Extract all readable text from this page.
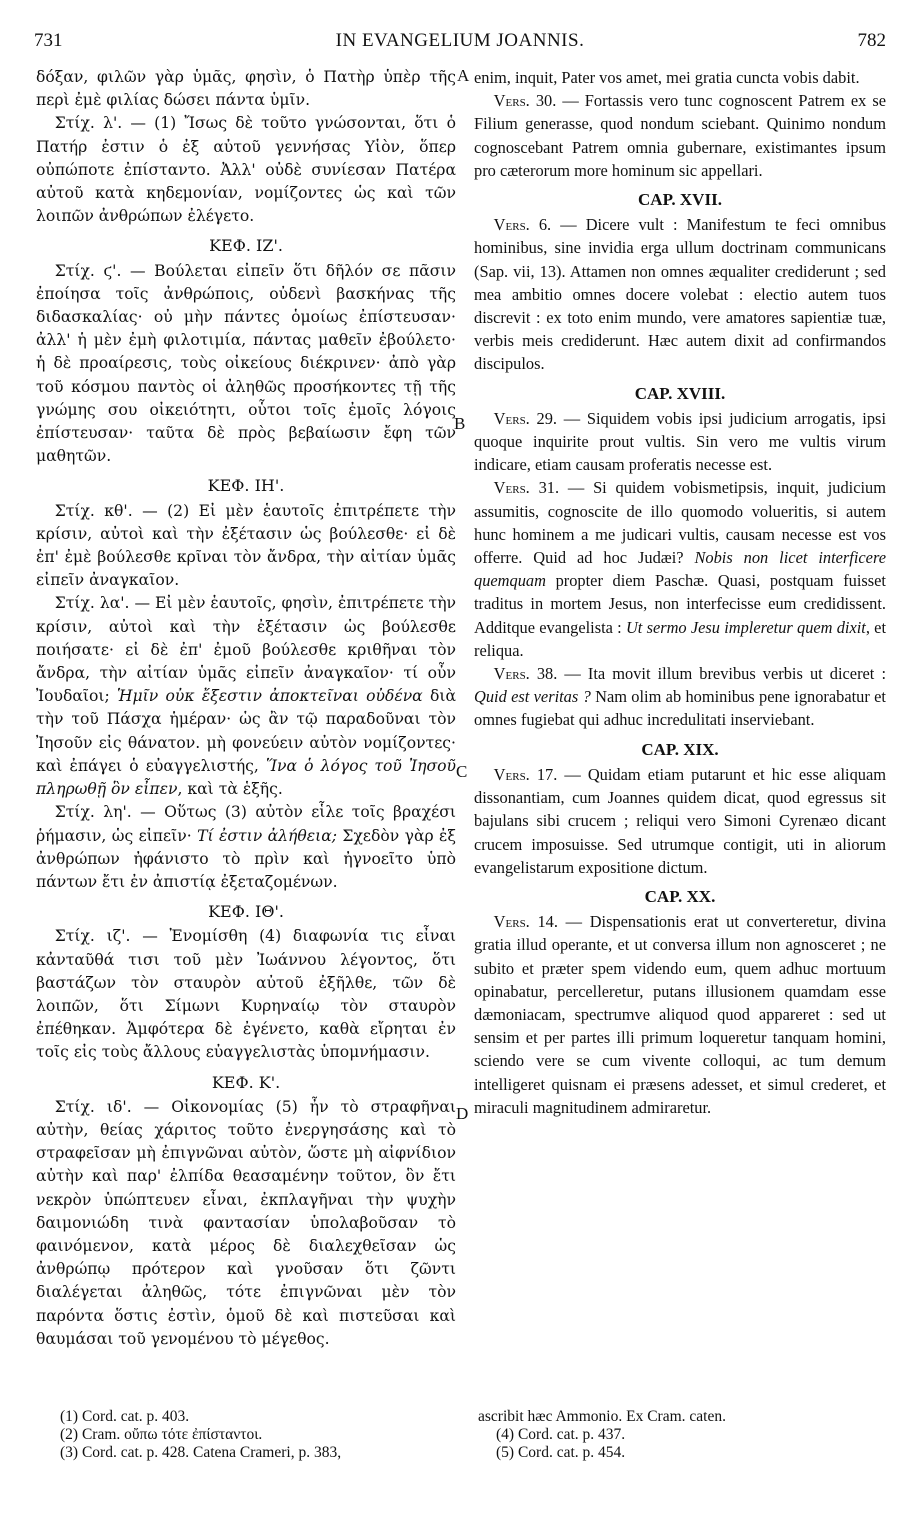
731	IN EVANGELIUM JOANNIS.	782

δόξαν, φιλῶν γὰρ ὑμᾶς, φησὶν, ὁ Πατὴρ ὑπὲρ τῆς περὶ ἐμὲ φιλίας δώσει πάντα ὑμῖν.

Στίχ. λ'. — (1) Ἴσως δὲ τοῦτο γνώσονται, ὅτι ὁ Πατήρ ἐστιν ὁ ἐξ αὐτοῦ γεννήσας Υἱὸν, ὅπερ οὐπώποτε ἐπίσταντο. Ἀλλ' οὐδὲ συνίεσαν Πατέρα αὐτοῦ κατὰ κηδεμονίαν, νομίζοντες ὡς καὶ τῶν λοιπῶν ἀνθρώπων ἐλέγετο.

ΚΕΦ. ΙΖ'.

Στίχ. ϛ'. — Βούλεται εἰπεῖν ὅτι δῆλόν σε πᾶσιν ἐποίησα τοῖς ἀνθρώποις, οὐδενὶ βασκήνας τῆς διδασκαλίας· οὐ μὴν πάντες ὁμοίως ἐπίστευσαν· ἀλλ' ἡ μὲν ἐμὴ φιλοτιμία, πάντας μαθεῖν ἐβούλετο· ἡ δὲ προαίρεσις, τοὺς οἰκείους διέκρινεν· ἀπὸ γὰρ τοῦ κόσμου παντὸς οἱ ἀληθῶς προσήκοντες τῇ τῆς γνώμης σου οἰκειότητι, οὗτοι τοῖς ἐμοῖς λόγοις ἐπίστευσαν· ταῦτα δὲ πρὸς βεβαίωσιν ἔφη τῶν μαθητῶν.

ΚΕΦ. ΙΗ'.

Στίχ. κθ'. — (2) Εἰ μὲν ἑαυτοῖς ἐπιτρέπετε τὴν κρίσιν, αὐτοὶ καὶ τὴν ἐξέτασιν ὡς βούλεσθε· εἰ δὲ ἐπ' ἐμὲ βούλεσθε κρῖναι τὸν ἄνδρα, τὴν αἰτίαν ὑμᾶς εἰπεῖν ἀναγκαῖον.

Στίχ. λα'. — Εἰ μὲν ἑαυτοῖς, φησὶν, ἐπιτρέπετε τὴν κρίσιν, αὐτοὶ καὶ τὴν ἐξέτασιν ὡς βούλεσθε ποιήσατε· εἰ δὲ ἐπ' ἐμοῦ βούλεσθε κριθῆναι τὸν ἄνδρα, τὴν αἰτίαν ὑμᾶς εἰπεῖν ἀναγκαῖον· τί οὖν Ἰουδαῖοι; Ἡμῖν οὐκ ἔξεστιν ἀποκτεῖναι οὐδένα διὰ τὴν τοῦ Πάσχα ἡμέραν· ὡς ἂν τῷ παραδοῦναι τὸν Ἰησοῦν εἰς θάνατον. μὴ φονεύειν αὐτὸν νομίζοντες· καὶ ἐπάγει ὁ εὐαγγελιστής, Ἵνα ὁ λόγος τοῦ Ἰησοῦ πληρωθῇ ὃν εἶπεν, καὶ τὰ ἑξῆς.

Στίχ. λη'. — Οὕτως (3) αὐτὸν εἷλε τοῖς βραχέσι ῥήμασιν, ὡς εἰπεῖν· Τί ἐστιν ἀλήθεια; Σχεδὸν γὰρ ἐξ ἀνθρώπων ἠφάνιστο τὸ πρὶν καὶ ἠγνοεῖτο ὑπὸ πάντων ἔτι ἐν ἀπιστίᾳ ἐξεταζομένων.

ΚΕΦ. ΙΘ'.

Στίχ. ιζ'. — Ἐνομίσθη (4) διαφωνία τις εἶναι κἀνταῦθά τισι τοῦ μὲν Ἰωάννου λέγοντος, ὅτι βαστάζων τὸν σταυρὸν αὐτοῦ ἐξῆλθε, τῶν δὲ λοιπῶν, ὅτι Σίμωνι Κυρηναίῳ τὸν σταυρὸν ἐπέθηκαν. Ἀμφότερα δὲ ἐγένετο, καθὰ εἴρηται ἐν τοῖς εἰς τοὺς ἄλλους εὐαγγελιστὰς ὑπομνήμασιν.

ΚΕΦ. Κ'.

Στίχ. ιδ'. — Οἰκονομίας (5) ἦν τὸ στραφῆναι αὐτὴν, θείας χάριτος τοῦτο ἐνεργησάσης καὶ τὸ στραφεῖσαν μὴ ἐπιγνῶναι αὐτὸν, ὥστε μὴ αἰφνίδιον αὐτὴν καὶ παρ' ἐλπίδα θεασαμένην τοῦτον, ὃν ἔτι νεκρὸν ὑπώπτευεν εἶναι, ἐκπλαγῆναι τὴν ψυχὴν δαιμονιώδη τινὰ φαντασίαν ὑπολαβοῦσαν τὸ φαινόμενον, κατὰ μέρος δὲ διαλεχθεῖσαν ὡς ἀνθρώπῳ πρότερον καὶ γνοῦσαν ὅτι ζῶντι διαλέγεται ἀληθῶς, τότε ἐπιγνῶναι μὲν τὸν παρόντα ὅστις ἐστὶν, ὁμοῦ δὲ καὶ πιστεῦσαι καὶ θαυμάσαι τοῦ γενομένου τὸ μέγεθος.

enim, inquit, Pater vos amet, mei gratia cuncta vobis dabit.

Vers. 30. — Fortassis vero tunc cognoscent Patrem ex se Filium generasse, quod nondum sciebant. Quinimo nondum cognoscebant Patrem omnia gubernare, existimantes ipsum pro cæterorum more hominum sic appellari.

CAP. XVII.

Vers. 6. — Dicere vult : Manifestum te feci omnibus hominibus, sine invidia erga ullum doctrinam communicans (Sap. vii, 13). Attamen non omnes æqualiter crediderunt ; sed mea ambitio omnes docere volebat : electio autem tuos discrevit : ex toto enim mundo, vere amatores sapientiæ tuæ, verbis meis crediderunt. Hæc autem dixit ad confirmandos discipulos.

CAP. XVIII.

Vers. 29. — Siquidem vobis ipsi judicium arrogatis, ipsi quoque inquirite prout vultis. Sin vero me vultis virum indicare, etiam causam proferatis necesse est.

Vers. 31. — Si quidem vobismetipsis, inquit, judicium assumitis, cognoscite de illo quomodo volueritis, si autem hunc hominem a me judicari vultis, causam necesse est vos offerre. Quid ad hoc Judæi? Nobis non licet interficere quemquam propter diem Paschæ. Quasi, postquam fuisset traditus in mortem Jesus, non interfecisse eum credidissent. Additque evangelista : Ut sermo Jesu impleretur quem dixit, et reliqua.

Vers. 38. — Ita movit illum brevibus verbis ut diceret : Quid est veritas ? Nam olim ab hominibus pene ignorabatur et omnes fugiebat qui adhuc incredulitati inserviebant.

CAP. XIX.

Vers. 17. — Quidam etiam putarunt et hic esse aliquam dissonantiam, cum Joannes quidem dicat, quod egressus sit bajulans sibi crucem ; reliqui vero Simoni Cyrenæo dicant crucem imposuisse. Sed utrumque contigit, uti in aliorum evangelistarum expositione dictum.

CAP. XX.

Vers. 14. — Dispensationis erat ut converteretur, divina gratia illud operante, et ut conversa illum non agnosceret ; ne subito et præter spem videndo eum, quem adhuc mortuum opinabatur, percelleretur, putans illusionem quamdam esse dæmoniacam, spectrumve aliquod quod appareret : sed ut sensim et per partes illi primum loqueretur tanquam homini, sciendo vere se cum vivente colloqui, ac tum demum intelligeret quisnam ei præsens adesset, et simul crederet, et miraculi magnitudinem admiraretur.

A
B
C
D
(1) Cord. cat. p. 403.
(2) Cram. οὔπω τότε ἐπίσταντοι.
(3) Cord. cat. p. 428. Catena Crameri, p. 383,
ascribit hæc Ammonio. Ex Cram. caten.
(4) Cord. cat. p. 437.
(5) Cord. cat. p. 454.
